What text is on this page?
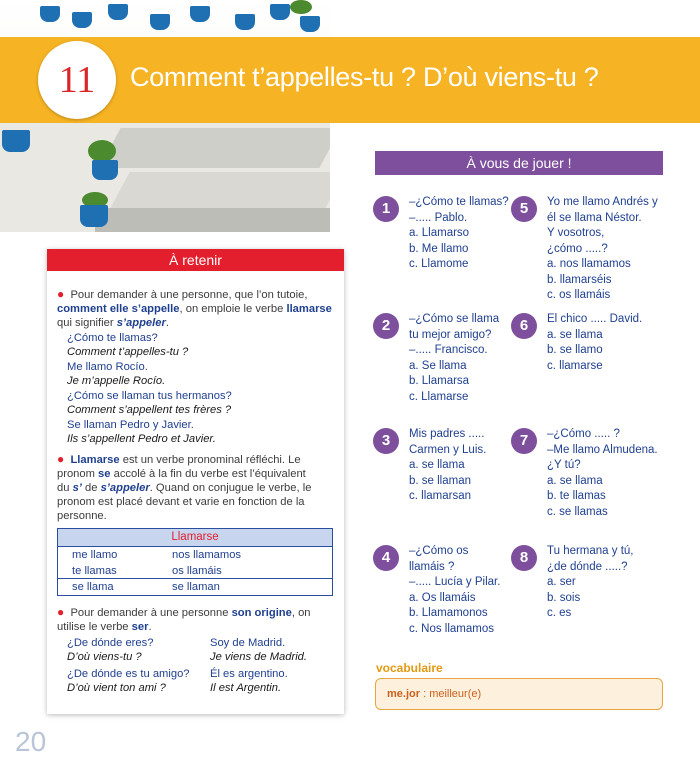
11 Comment t’appelles-tu ? D’où viens-tu ?
À retenir
● Pour demander à une personne, que l’on tutoie,
comment elle s’appelle, on emploie le verbe llamarse
qui signifier s’appeler.
¿Cómo te llamas?
Comment t’appelles-tu ?
Me llamo Rocío.
Je m’appelle Rocío.
¿Cómo se llaman tus hermanos?
Comment s’appellent tes frères ?
Se llaman Pedro y Javier.
Ils s’appellent Pedro et Javier.
● Llamarse est un verbe pronominal réfléchi. Le
pronom se accolé à la fin du verbe est l’équivalent
du s’ de s’appeler. Quand on conjugue le verbe, le
pronom est placé devant et varie en fonction de la
personne.
Llamarse
me llamo	nos llamamos
te llamas	os llamáis
se llama	se llaman
● Pour demander à une personne son origine, on
utilise le verbe ser.
¿De dónde eres?
D’où viens-tu ?
Soy de Madrid.
Je viens de Madrid.
¿De dónde es tu amigo?
D’où vient ton ami ?
Él es argentino.
Il est Argentin.
À vous de jouer !
1	–¿Cómo te llamas?
–..... Pablo.
a. Llamarso
b. Me llamo
c. Llamome
2	–¿Cómo se llama
tu mejor amigo?
–..... Francisco.
a. Se llama
b. Llamarsa
c. Llamarse
3	Mis padres .....
Carmen y Luis.
a. se llama
b. se llaman
c. llamarsan
4	–¿Cómo os
llamáis ?
–..... Lucía y Pilar.
a. Os llamáis
b. Llamamonos
c. Nos llamamos
5	Yo me llamo Andrés y
él se llama Néstor.
Y vosotros,
¿cómo .....?
a. nos llamamos
b. llamarséis
c. os llamáis
6	El chico ..... David.
a. se llama
b. se llamo
c. llamarse
7	–¿Cómo ..... ?
–Me llamo Almudena.
¿Y tú?
a. se llama
b. te llamas
c. se llamas
8	Tu hermana y tú,
¿de dónde .....?
a. ser
b. sois
c. es
vocabulaire
me.jor : meilleur(e)
20
